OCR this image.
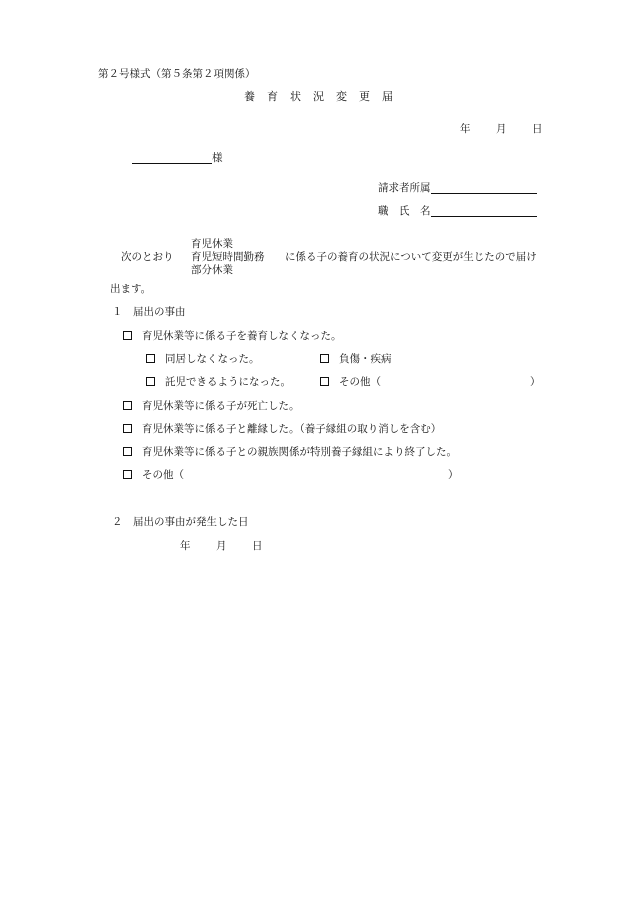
第２号様式（第５条第２項関係）
養育状況変更届
年 月 日
様
請求者所属
職　氏　名
次のとおり
育児休業
育児短時間勤務
部分休業
に係る子の養育の状況について変更が生じたので届け
出ます。
１　届出の事由
育児休業等に係る子を養育しなくなった。
同居しなくなった。	負傷・疾病
託児できるようになった。	その他（	）
育児休業等に係る子が死亡した。
育児休業等に係る子と離縁した。（養子縁組の取り消しを含む）
育児休業等に係る子との親族関係が特別養子縁組により終了した。
その他（	）
２　届出の事由が発生した日
年 月 日
